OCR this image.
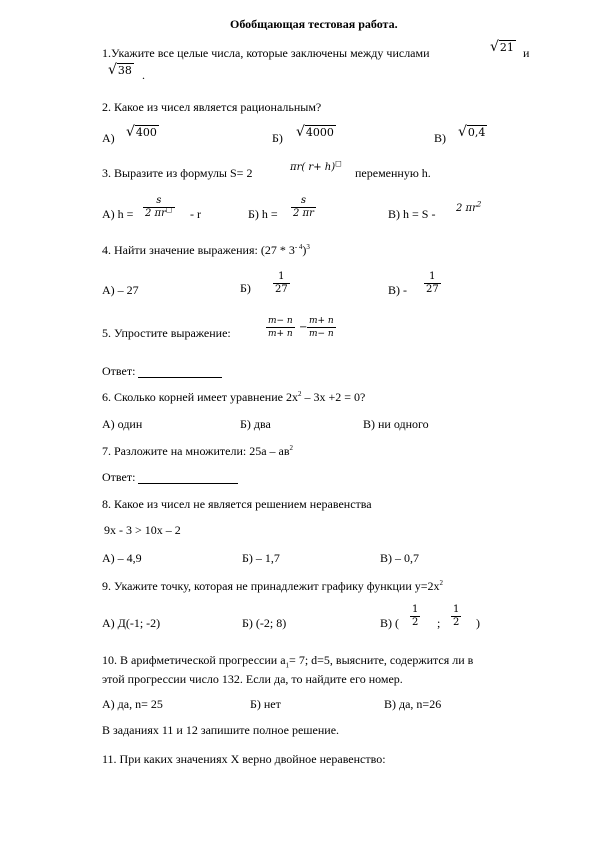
Обобщающая тестовая работа.
1.Укажите все целые числа, которые заключены между числами	√ 21 и
√ 38 .
2. Какое из чисел является рациональным?
А) √ 400	Б) √ 4000	В) √ 0,4
3. Выразите из формулы S= 2	πr( r+ h)□
переменную h.
А) h =
s
2 πr□ - r	Б) h =
s
2 πr	В) h = S - 2 $\pi r^2$
4. Найти значение выражения: $(27 * 3^{- 4})^3$
А) – 27	Б)
1
27	В) -
1
27
5. Упростите выражение:
m− n
m+ n
−
m+ n
m− n
Ответ:
6. Сколько корней имеет уравнение $2x^2 - 3x +2 = 0$?
А) один	Б) два	В) ни одного
7. Разложите на множители: $25a - ав^2$
Ответ:
8. Какое из чисел не является решением неравенства
9х - 3 > 10х – 2
А) – 4,9	Б) – 1,7	В) – 0,7
9. Укажите точку, которая не принадлежит графику функции $у=2x^2$
А) Д(-1; -2)	Б) (-2; 8)	В) (
1
2 ;
1
2 )
10. В арифметической прогрессии $а_1= 7$; d=5, выясните, содержится ли в
этой прогрессии число 132. Если да, то найдите его номер.
А) да, n= 25	Б) нет	В) да, n=26
В заданиях 11 и 12 запишите полное решение.
11. При каких значениях Х верно двойное неравенство:
